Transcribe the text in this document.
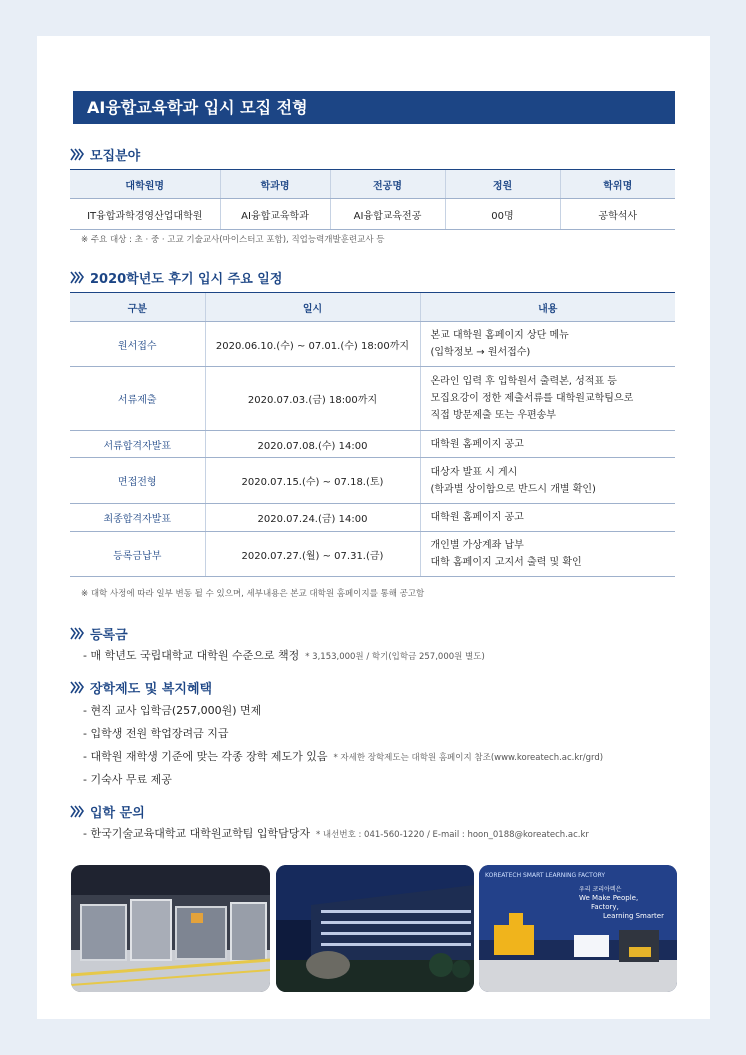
AI융합교육학과 입시 모집 전형
모집분야
대학원명	학과명	전공명	정원	학위명
IT융합과학경영산업대학원	AI융합교육학과	AI융합교육전공	00명	공학석사
※ 주요 대상 : 초 · 중 · 고교 기술교사(마이스터고 포함), 직업능력개발훈련교사 등
2020학년도 후기 입시 주요 일정
구분	일시	내용
원서접수	2020.06.10.(수) ~ 07.01.(수) 18:00까지	본교 대학원 홈페이지 상단 메뉴
(입학정보 → 원서접수)

서류제출	2020.07.03.(금) 18:00까지	온라인 입력 후 입학원서 출력본, 성적표 등
모집요강이 정한 제출서류를 대학원교학팀으로
직접 방문제출 또는 우편송부

서류합격자발표	2020.07.08.(수) 14:00	대학원 홈페이지 공고

면접전형	2020.07.15.(수) ~ 07.18.(토)	대상자 발표 시 게시
(학과별 상이함으로 반드시 개별 확인)

최종합격자발표	2020.07.24.(금) 14:00	대학원 홈페이지 공고

등록금납부	2020.07.27.(월) ~ 07.31.(금)	개인별 가상계좌 납부
대학 홈페이지 고지서 출력 및 확인
※ 대학 사정에 따라 일부 변동 될 수 있으며, 세부내용은 본교 대학원 홈페이지를 통해 공고함
등록금
- 매 학년도 국립대학교 대학원 수준으로 책정 * 3,153,000원 / 학기(입학금 257,000원 별도)
장학제도 및 복지혜택
- 현직 교사 입학금(257,000원) 면제
- 입학생 전원 학업장려금 지급
- 대학원 재학생 기준에 맞는 각종 장학 제도가 있음 * 자세한 장학제도는 대학원 홈페이지 참조(www.koreatech.ac.kr/grd)
- 기숙사 무료 제공
입학 문의
- 한국기술교육대학교 대학원교학팀 입학담당자 * 내선번호 : 041-560-1220 / E-mail : hoon_0188@koreatech.ac.kr
KOREATECH SMART LEARNING FACTORY
우리 코리아텍은
We Make People,
Factory,
Learning Smarter
